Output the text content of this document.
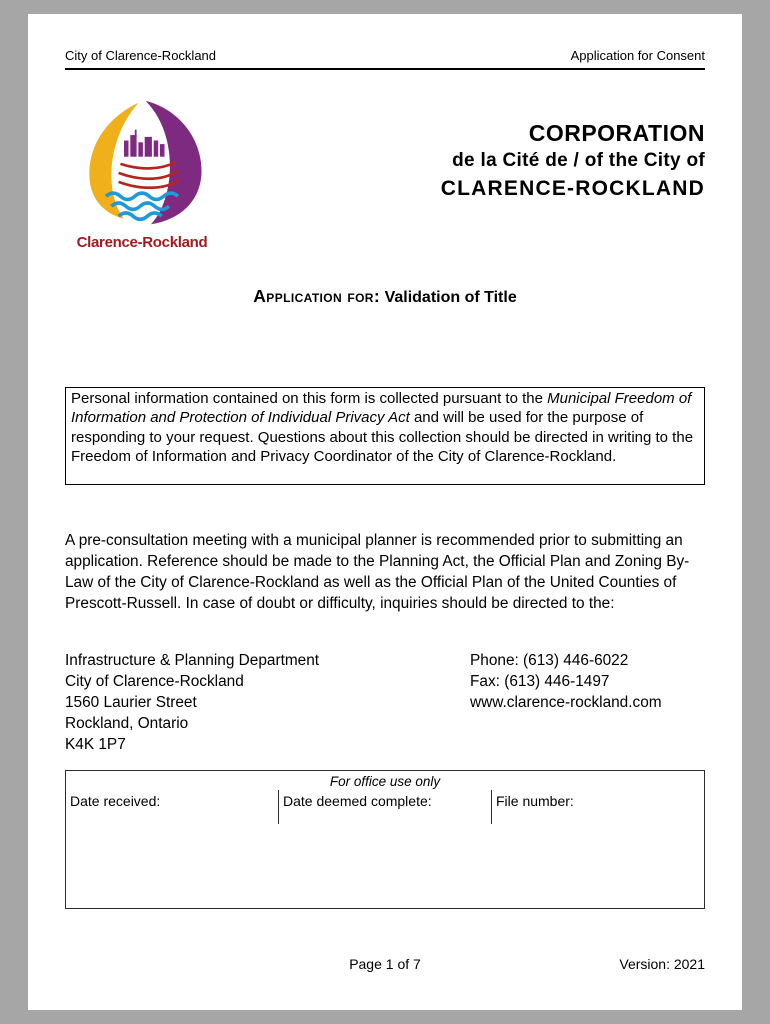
City of Clarence-Rockland	Application for Consent
Clarence-Rockland
CORPORATION
de la Cité de / of the City of
CLARENCE-ROCKLAND
Application for: Validation of Title
Personal information contained on this form is collected pursuant to the Municipal Freedom of Information and Protection of Individual Privacy Act and will be used for the purpose of responding to your request. Questions about this collection should be directed in writing to the Freedom of Information and Privacy Coordinator of the City of Clarence-Rockland.
A pre-consultation meeting with a municipal planner is recommended prior to submitting an application. Reference should be made to the Planning Act, the Official Plan and Zoning By-Law of the City of Clarence-Rockland as well as the Official Plan of the United Counties of Prescott-Russell. In case of doubt or difficulty, inquiries should be directed to the:
Infrastructure & Planning Department
City of Clarence-Rockland
1560 Laurier Street
Rockland, Ontario
K4K 1P7
Phone: (613) 446-6022
Fax: (613) 446-1497
www.clarence-rockland.com
For office use only
Date received:	Date deemed complete:	File number:
Page 1 of 7	Version: 2021
